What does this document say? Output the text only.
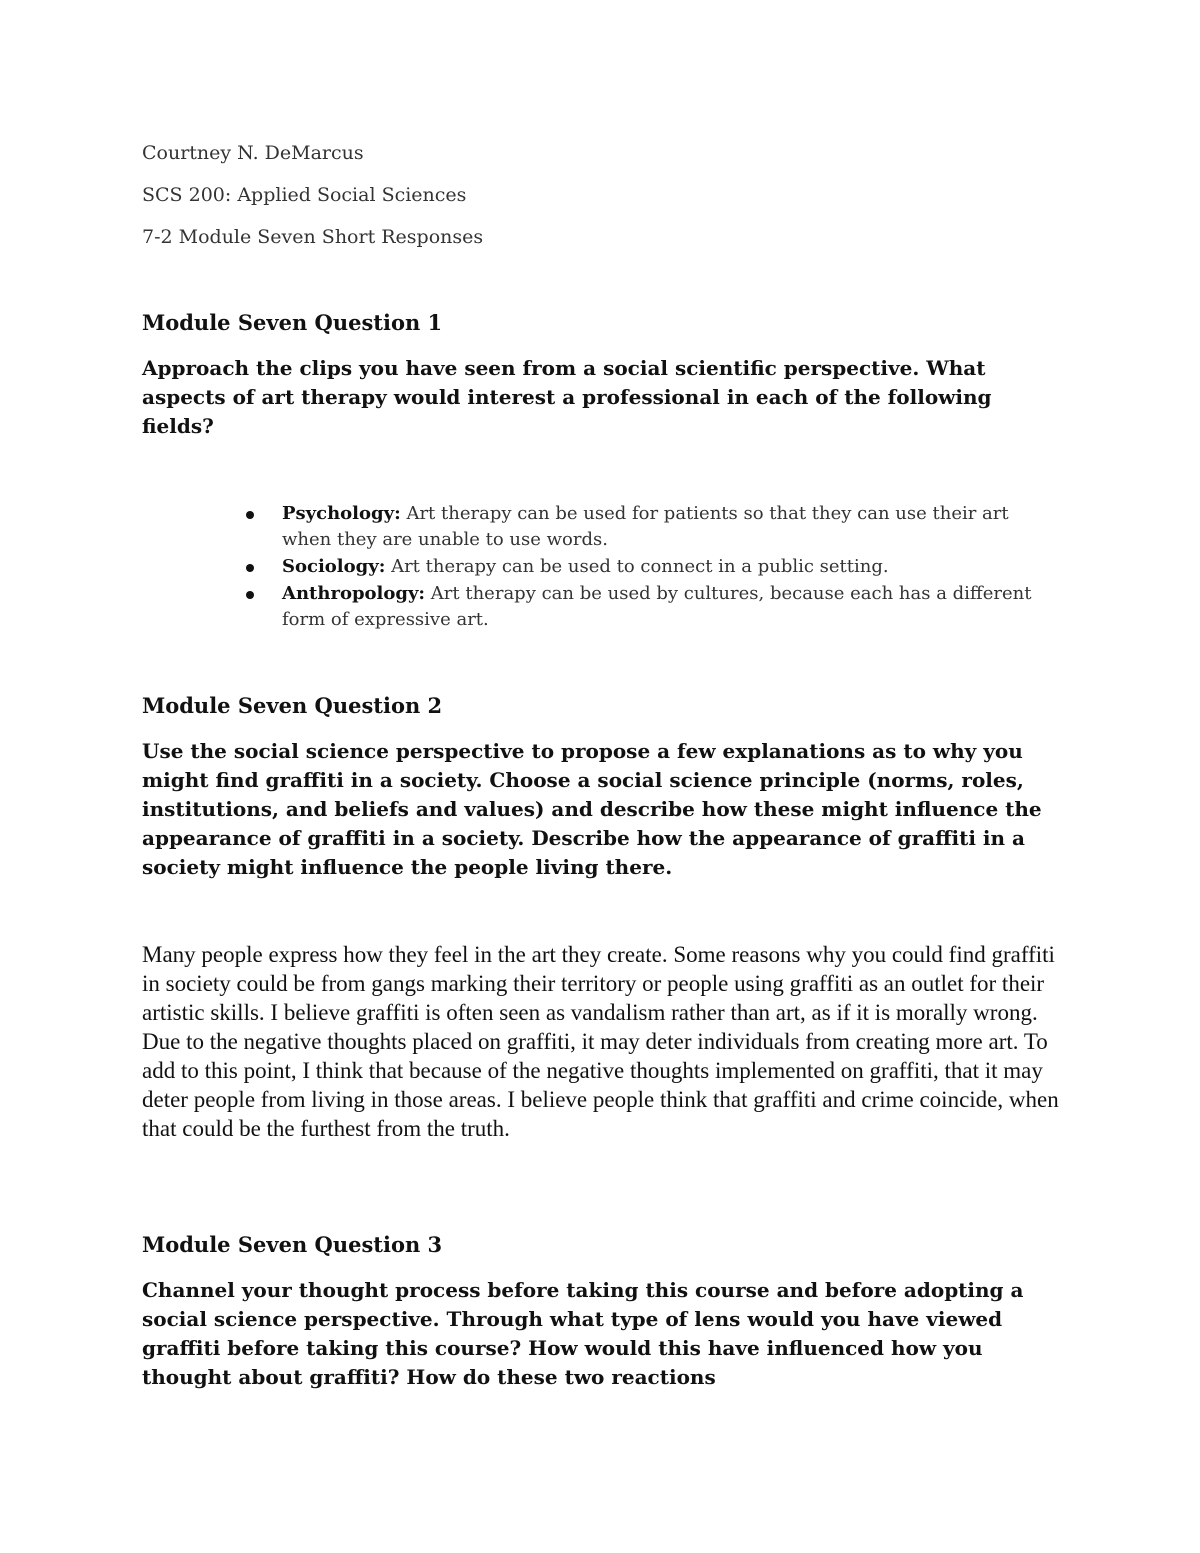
Courtney N. DeMarcus
SCS 200: Applied Social Sciences
7-2 Module Seven Short Responses
Module Seven Question 1

Approach the clips you have seen from a social scientific perspective. What aspects of art therapy would interest a professional in each of the following fields?

Psychology: Art therapy can be used for patients so that they can use their art when they are unable to use words.
Sociology: Art therapy can be used to connect in a public setting.
Anthropology: Art therapy can be used by cultures, because each has a different form of expressive art.
Module Seven Question 2

Use the social science perspective to propose a few explanations as to why you might find graffiti in a society. Choose a social science principle (norms, roles, institutions, and beliefs and values) and describe how these might influence the appearance of graffiti in a society. Describe how the appearance of graffiti in a society might influence the people living there.

Many people express how they feel in the art they create. Some reasons why you could find graffiti in society could be from gangs marking their territory or people using graffiti as an outlet for their artistic skills. I believe graffiti is often seen as vandalism rather than art, as if it is morally wrong. Due to the negative thoughts placed on graffiti, it may deter individuals from creating more art. To add to this point, I think that because of the negative thoughts implemented on graffiti, that it may deter people from living in those areas. I believe people think that graffiti and crime coincide, when that could be the furthest from the truth.

Module Seven Question 3

Channel your thought process before taking this course and before adopting a social science perspective. Through what type of lens would you have viewed graffiti before taking this course? How would this have influenced how you thought about graffiti? How do these two reactions
